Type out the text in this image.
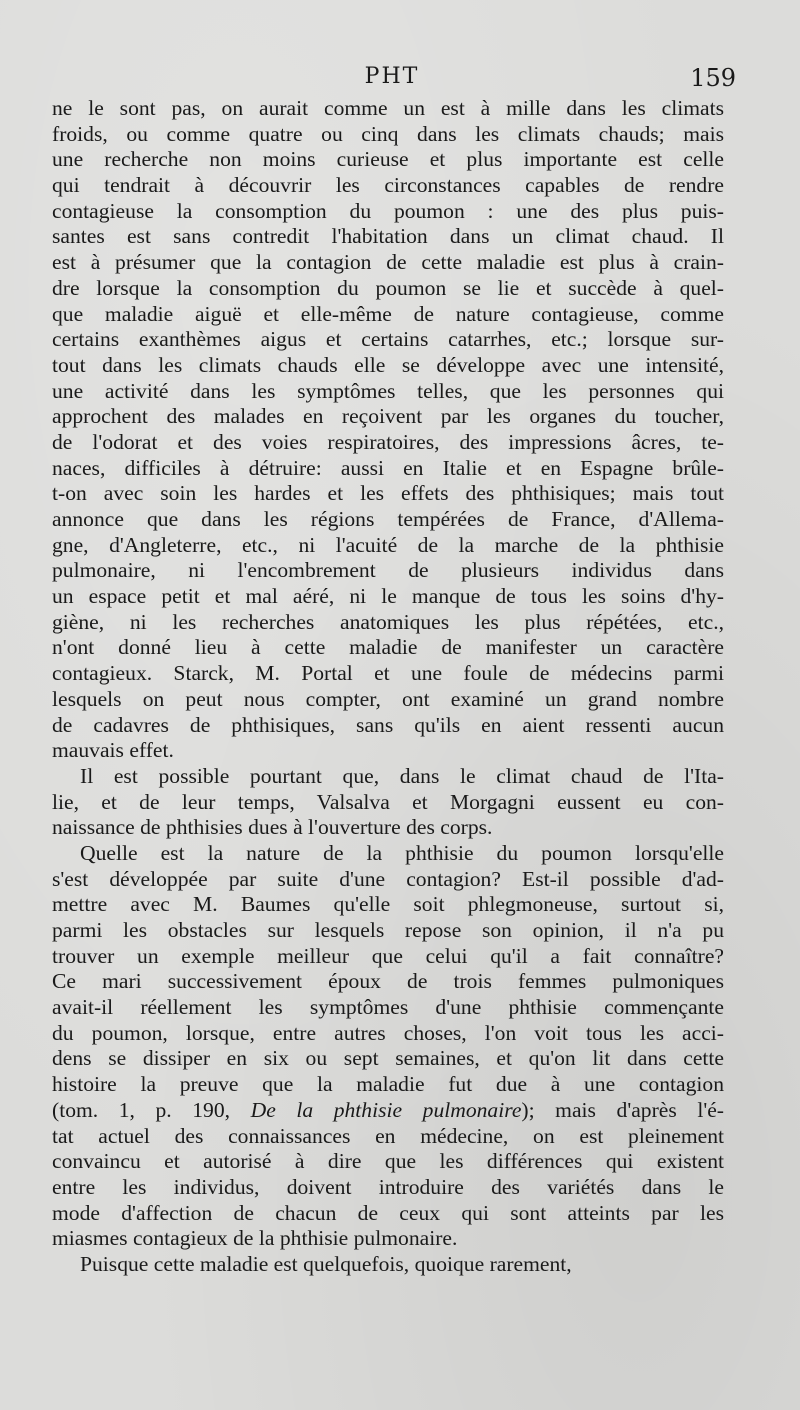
PHT	159
ne le sont pas, on aurait comme un est à mille dans les climats
froids, ou comme quatre ou cinq dans les climats chauds; mais
une recherche non moins curieuse et plus importante est celle
qui tendrait à découvrir les circonstances capables de rendre
contagieuse la consomption du poumon : une des plus puis-
santes est sans contredit l'habitation dans un climat chaud. Il
est à présumer que la contagion de cette maladie est plus à crain-
dre lorsque la consomption du poumon se lie et succède à quel-
que maladie aiguë et elle-même de nature contagieuse, comme
certains exanthèmes aigus et certains catarrhes, etc.; lorsque sur-
tout dans les climats chauds elle se développe avec une intensité,
une activité dans les symptômes telles, que les personnes qui
approchent des malades en reçoivent par les organes du toucher,
de l'odorat et des voies respiratoires, des impressions âcres, te-
naces, difficiles à détruire: aussi en Italie et en Espagne brûle-
t-on avec soin les hardes et les effets des phthisiques; mais tout
annonce que dans les régions tempérées de France, d'Allema-
gne, d'Angleterre, etc., ni l'acuité de la marche de la phthisie
pulmonaire, ni l'encombrement de plusieurs individus dans
un espace petit et mal aéré, ni le manque de tous les soins d'hy-
giène, ni les recherches anatomiques les plus répétées, etc.,
n'ont donné lieu à cette maladie de manifester un caractère
contagieux. Starck, M. Portal et une foule de médecins parmi
lesquels on peut nous compter, ont examiné un grand nombre
de cadavres de phthisiques, sans qu'ils en aient ressenti aucun
mauvais effet.
Il est possible pourtant que, dans le climat chaud de l'Ita-
lie, et de leur temps, Valsalva et Morgagni eussent eu con-
naissance de phthisies dues à l'ouverture des corps.
Quelle est la nature de la phthisie du poumon lorsqu'elle
s'est développée par suite d'une contagion? Est-il possible d'ad-
mettre avec M. Baumes qu'elle soit phlegmoneuse, surtout si,
parmi les obstacles sur lesquels repose son opinion, il n'a pu
trouver un exemple meilleur que celui qu'il a fait connaître?
Ce mari successivement époux de trois femmes pulmoniques
avait-il réellement les symptômes d'une phthisie commençante
du poumon, lorsque, entre autres choses, l'on voit tous les acci-
dens se dissiper en six ou sept semaines, et qu'on lit dans cette
histoire la preuve que la maladie fut due à une contagion
(tom. 1, p. 190, De la phthisie pulmonaire); mais d'après l'é-
tat actuel des connaissances en médecine, on est pleinement
convaincu et autorisé à dire que les différences qui existent
entre les individus, doivent introduire des variétés dans le
mode d'affection de chacun de ceux qui sont atteints par les
miasmes contagieux de la phthisie pulmonaire.
Puisque cette maladie est quelquefois, quoique rarement,
